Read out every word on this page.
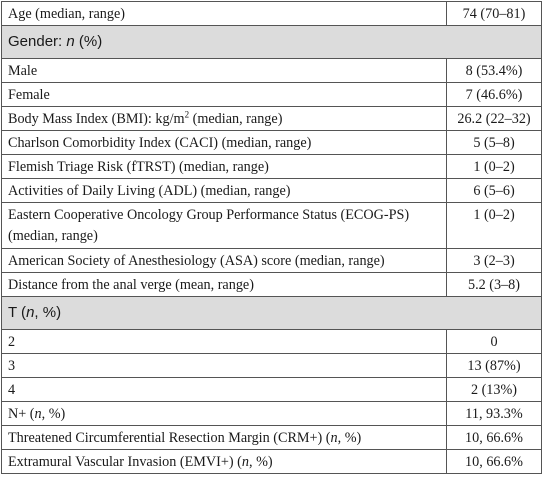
Age (median, range)	74 (70–81)
Gender: n (%)	
Male	8 (53.4%)
Female	7 (46.6%)
Body Mass Index (BMI): $kg/m^2$ (median, range)	26.2 (22–32)
Charlson Comorbidity Index (CACI) (median, range)	5 (5–8)
Flemish Triage Risk (fTRST) (median, range)	1 (0–2)
Activities of Daily Living (ADL) (median, range)	6 (5–6)
Eastern Cooperative Oncology Group Performance Status (ECOG-PS) (median, range)	1 (0–2)
American Society of Anesthesiology (ASA) score (median, range)	3 (2–3)
Distance from the anal verge (mean, range)	5.2 (3–8)
T (n, %)	
2	0
3	13 (87%)
4	2 (13%)
N+ (n, %)	11, 93.3%
Threatened Circumferential Resection Margin (CRM+) (n, %)	10, 66.6%
Extramural Vascular Invasion (EMVI+) (n, %)	10, 66.6%
